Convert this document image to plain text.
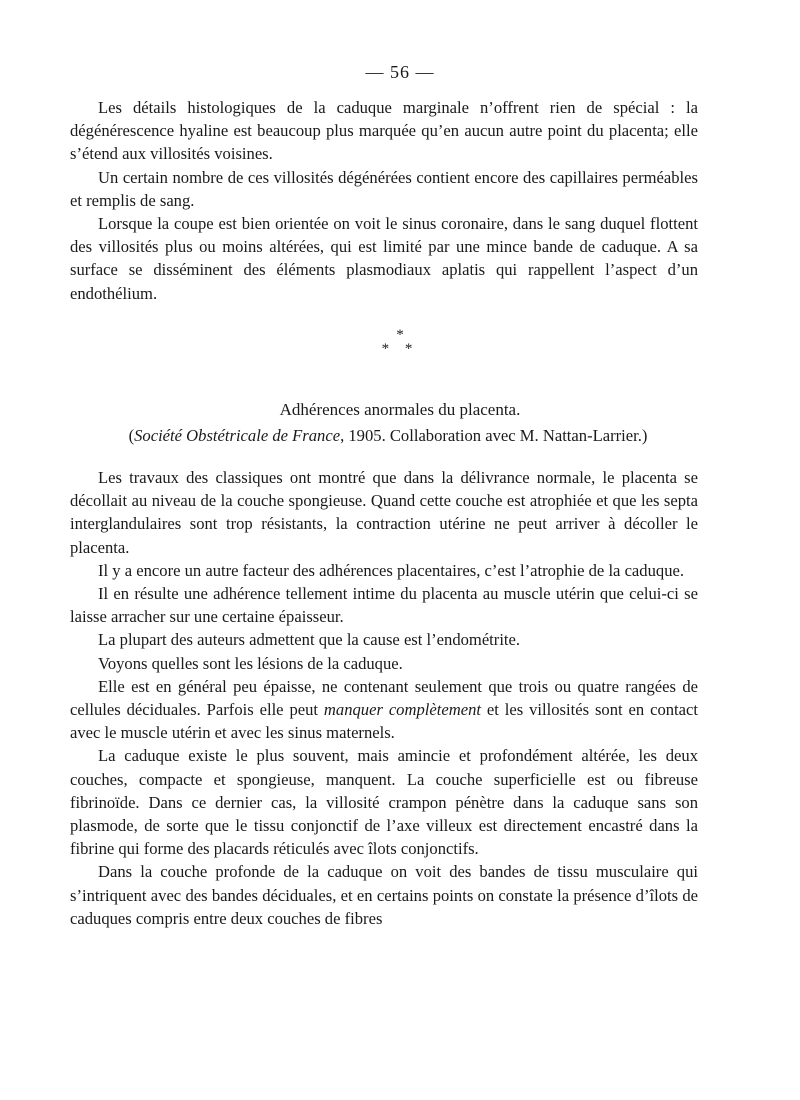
— 56 —

Les détails histologiques de la caduque marginale n’offrent rien de spécial : la dégénérescence hyaline est beaucoup plus marquée qu’en aucun autre point du placenta; elle s’étend aux villosités voisines.

Un certain nombre de ces villosités dégénérées contient encore des capillaires perméables et remplis de sang.

Lorsque la coupe est bien orientée on voit le sinus coronaire, dans le sang duquel flottent des villosités plus ou moins altérées, qui est limité par une mince bande de caduque. A sa surface se disséminent des éléments plasmodiaux aplatis qui rappellent l’aspect d’un endothélium.

*
* *
Adhérences anormales du placenta.
(Société Obstétricale de France, 1905. Collaboration avec M. Nattan-Larrier.)

Les travaux des classiques ont montré que dans la délivrance normale, le placenta se décollait au niveau de la couche spongieuse. Quand cette couche est atrophiée et que les septa interglandulaires sont trop résistants, la contraction utérine ne peut arriver à décoller le placenta.

Il y a encore un autre facteur des adhérences placentaires, c’est l’atrophie de la caduque.

Il en résulte une adhérence tellement intime du placenta au muscle utérin que celui-ci se laisse arracher sur une certaine épaisseur.

La plupart des auteurs admettent que la cause est l’endométrite.

Voyons quelles sont les lésions de la caduque.

Elle est en général peu épaisse, ne contenant seulement que trois ou quatre rangées de cellules déciduales. Parfois elle peut manquer complètement et les villosités sont en contact avec le muscle utérin et avec les sinus maternels.

La caduque existe le plus souvent, mais amincie et profondément altérée, les deux couches, compacte et spongieuse, manquent. La couche superficielle est ou fibreuse fibrinoïde. Dans ce dernier cas, la villosité crampon pénètre dans la caduque sans son plasmode, de sorte que le tissu conjonctif de l’axe villeux est directement encastré dans la fibrine qui forme des placards réticulés avec îlots conjonctifs.

Dans la couche profonde de la caduque on voit des bandes de tissu musculaire qui s’intriquent avec des bandes déciduales, et en certains points on constate la présence d’îlots de caduques compris entre deux couches de fibres
